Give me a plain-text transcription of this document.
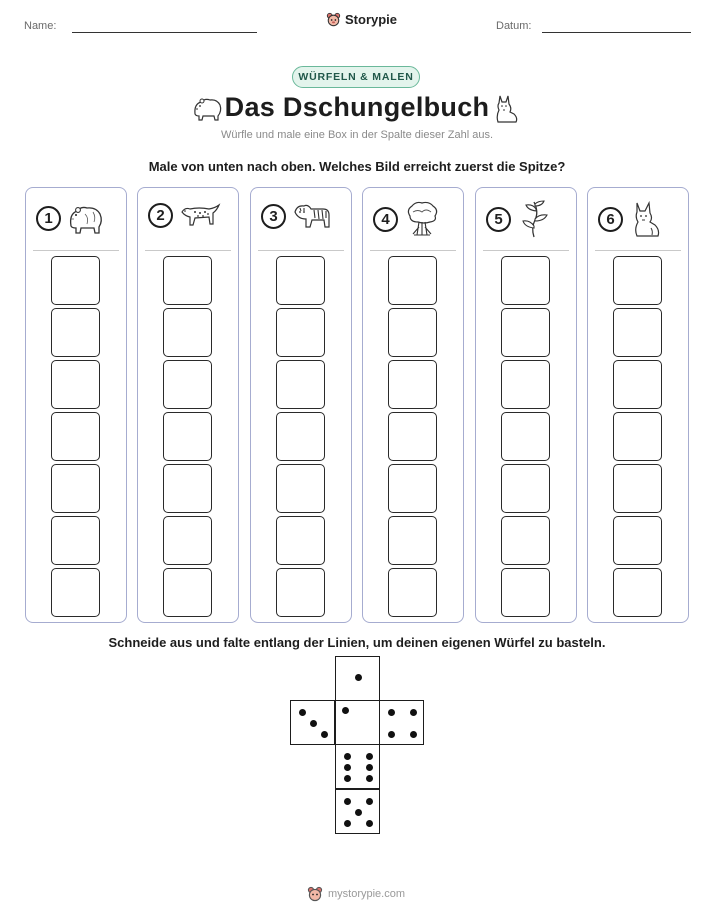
Name:	Storypie	Datum:
WÜRFELN & MALEN
Das Dschungelbuch
Würfle und male eine Box in der Spalte dieser Zahl aus.
Male von unten nach oben. Welches Bild erreicht zuerst die Spitze?
1	2	3	4	5	6
Schneide aus und falte entlang der Linien, um deinen eigenen Würfel zu basteln.
mystorypie.com
